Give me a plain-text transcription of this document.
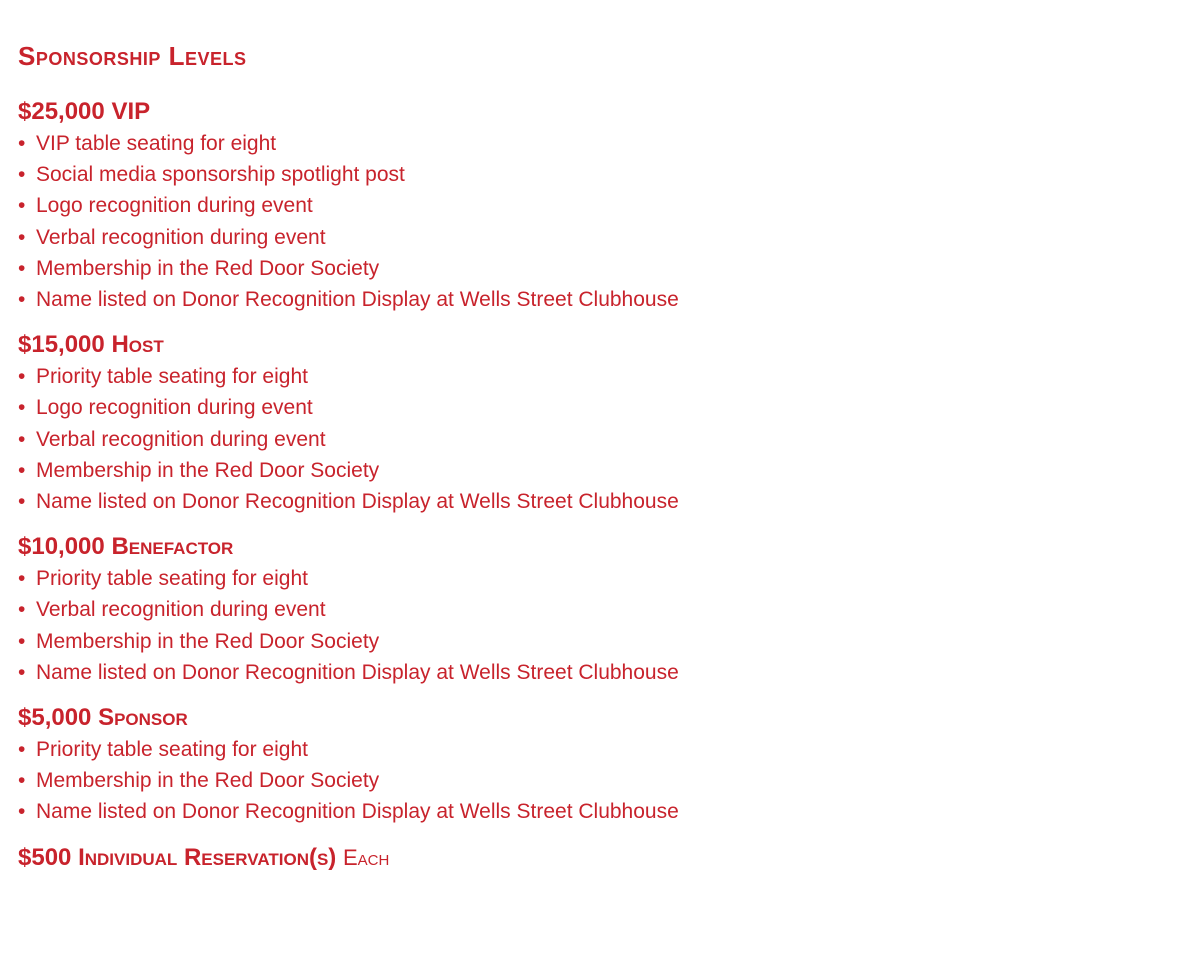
Sponsorship Levels
$25,000 VIP
• VIP table seating for eight
• Social media sponsorship spotlight post
• Logo recognition during event
• Verbal recognition during event
• Membership in the Red Door Society
• Name listed on Donor Recognition Display at Wells Street Clubhouse
$15,000 Host
• Priority table seating for eight
• Logo recognition during event
• Verbal recognition during event
• Membership in the Red Door Society
• Name listed on Donor Recognition Display at Wells Street Clubhouse
$10,000 Benefactor
• Priority table seating for eight
• Verbal recognition during event
• Membership in the Red Door Society
• Name listed on Donor Recognition Display at Wells Street Clubhouse
$5,000 Sponsor
• Priority table seating for eight
• Membership in the Red Door Society
• Name listed on Donor Recognition Display at Wells Street Clubhouse
$500 Individual Reservation(s) Each
